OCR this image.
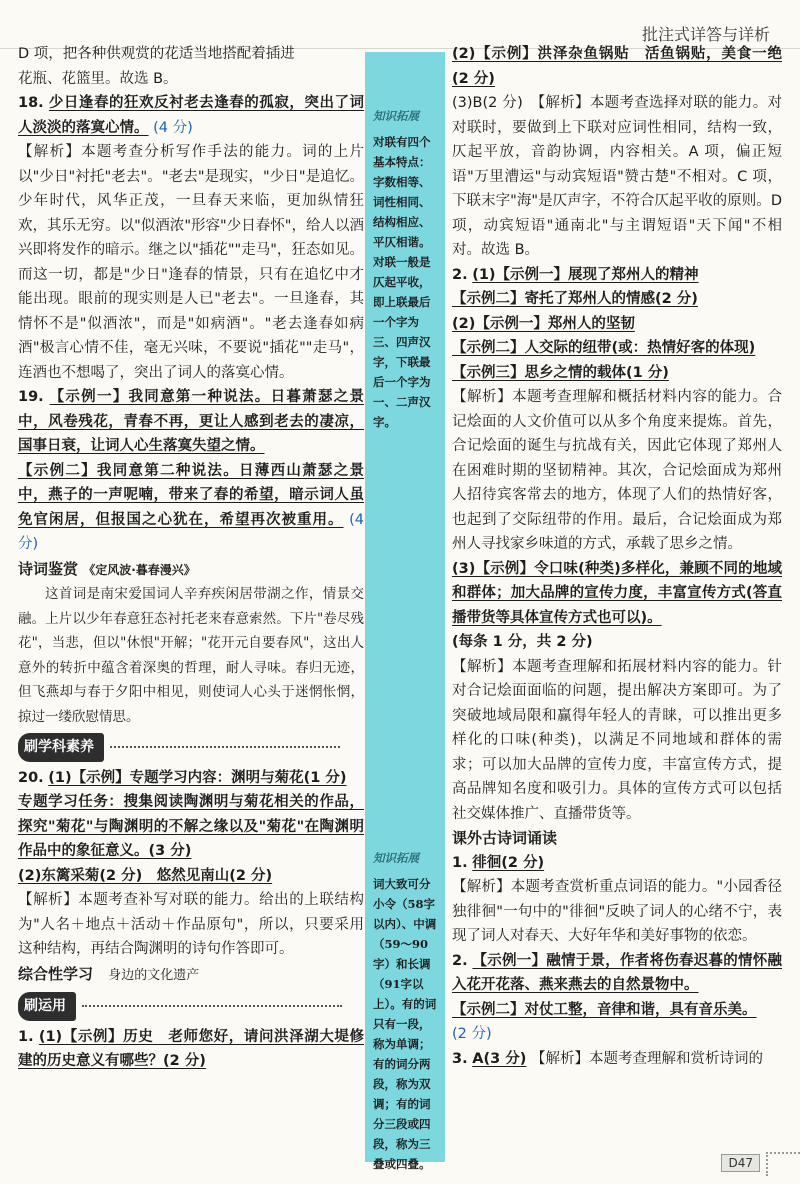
批注式详答与详析

D 项，把各种供观赏的花适当地搭配着插进

花瓶、花篮里。故选 B。

18. 少日逢春的狂欢反衬老去逢春的孤寂，突出了词人淡淡的落寞心情。 (4 分)

【解析】本题考查分析写作手法的能力。词的上片以"少日"衬托"老去"。"老去"是现实，"少日"是追忆。少年时代，风华正茂，一旦春天来临，更加纵情狂欢，其乐无穷。以"似酒浓"形容"少日春怀"，给人以酒兴即将发作的暗示。继之以"插花""走马"，狂态如见。而这一切，都是"少日"逢春的情景，只有在追忆中才能出现。眼前的现实则是人已"老去"。一旦逢春，其情怀不是"似酒浓"，而是"如病酒"。"老去逢春如病酒"极言心情不佳，毫无兴味，不要说"插花""走马"，连酒也不想喝了，突出了词人的落寞心情。

19. 【示例一】我同意第一种说法。日暮萧瑟之景中，风卷残花，青春不再，更让人感到老去的凄凉，国事日衰，让词人心生落寞失望之情。

【示例二】我同意第二种说法。日薄西山萧瑟之景中，燕子的一声呢喃，带来了春的希望，暗示词人虽免官闲居，但报国之心犹在，希望再次被重用。 (4 分)

诗词鉴赏 《定风波·暮春漫兴》

这首词是南宋爱国词人辛弃疾闲居带湖之作，情景交融。上片以少年春意狂态衬托老来春意索然。下片"卷尽残花"，当悲，但以"休恨"开解；"花开元自要春风"，这出人意外的转折中蕴含着深奥的哲理，耐人寻味。春归无迹，但飞燕却与春于夕阳中相见，则使词人心头于迷惘怅惘，掠过一缕欣慰情思。

刷学科素养

20. (1)【示例】专题学习内容：渊明与菊花(1 分)

专题学习任务：搜集阅读陶渊明与菊花相关的作品，探究"菊花"与陶渊明的不解之缘以及"菊花"在陶渊明作品中的象征意义。(3 分)

(2)东篱采菊(2 分)　悠然见南山(2 分)

【解析】本题考查补写对联的能力。给出的上联结构为"人名＋地点＋活动＋作品原句"，所以，只要采用这种结构，再结合陶渊明的诗句作答即可。

综合性学习 身边的文化遗产

刷运用

1. (1)【示例】历史　老师您好，请问洪泽湖大堤修建的历史意义有哪些？(2 分)

知识拓展
对联有四个基本特点：字数相等、词性相同、结构相应、平仄相谐。对联一般是仄起平收，即上联最后一个字为三、四声汉字，下联最后一个字为一、二声汉字。
知识拓展
词大致可分小令（58字以内）、中调（59～90字）和长调（91字以上）。有的词只有一段，称为单调；有的词分两段，称为双调；有的词分三段或四段，称为三叠或四叠。

(2)【示例】洪泽杂鱼锅贴　活鱼锅贴，美食一绝(2 分)

(3)B(2 分)　【解析】本题考查选择对联的能力。对对联时，要做到上下联对应词性相同，结构一致，仄起平放，音韵协调，内容相关。A 项，偏正短语"万里漕运"与动宾短语"赞古楚"不相对。C 项，下联末字"海"是仄声字，不符合仄起平收的原则。D 项，动宾短语"通南北"与主谓短语"天下闻"不相对。故选 B。

2. (1)【示例一】展现了郑州人的精神

【示例二】寄托了郑州人的情感(2 分)

(2)【示例一】郑州人的坚韧

【示例二】人交际的纽带(或：热情好客的体现)

【示例三】思乡之情的载体(1 分)

【解析】本题考查理解和概括材料内容的能力。合记烩面的人文价值可以从多个角度来提炼。首先，合记烩面的诞生与抗战有关，因此它体现了郑州人在困难时期的坚韧精神。其次，合记烩面成为郑州人招待宾客常去的地方，体现了人们的热情好客，也起到了交际纽带的作用。最后，合记烩面成为郑州人寻找家乡味道的方式，承载了思乡之情。

(3)【示例】令口味(种类)多样化，兼顾不同的地域和群体；加大品牌的宣传力度，丰富宣传方式(答直播带货等具体宣传方式也可以)。

(每条 1 分，共 2 分)

【解析】本题考查理解和拓展材料内容的能力。针对合记烩面面临的问题，提出解决方案即可。为了突破地域局限和赢得年轻人的青睐，可以推出更多样化的口味(种类)，以满足不同地域和群体的需求；可以加大品牌的宣传力度，丰富宣传方式，提高品牌知名度和吸引力。具体的宣传方式可以包括社交媒体推广、直播带货等。

课外古诗词诵读

1. 徘徊(2 分)

【解析】本题考查赏析重点词语的能力。"小园香径独徘徊"一句中的"徘徊"反映了词人的心绪不宁，表现了词人对春天、大好年华和美好事物的依恋。

2. 【示例一】融情于景，作者将伤春迟暮的情怀融入花开花落、燕来燕去的自然景物中。

【示例二】对仗工整，音律和谐，具有音乐美。

(2 分)

3. A(3 分) 【解析】本题考查理解和赏析诗词的

D47
